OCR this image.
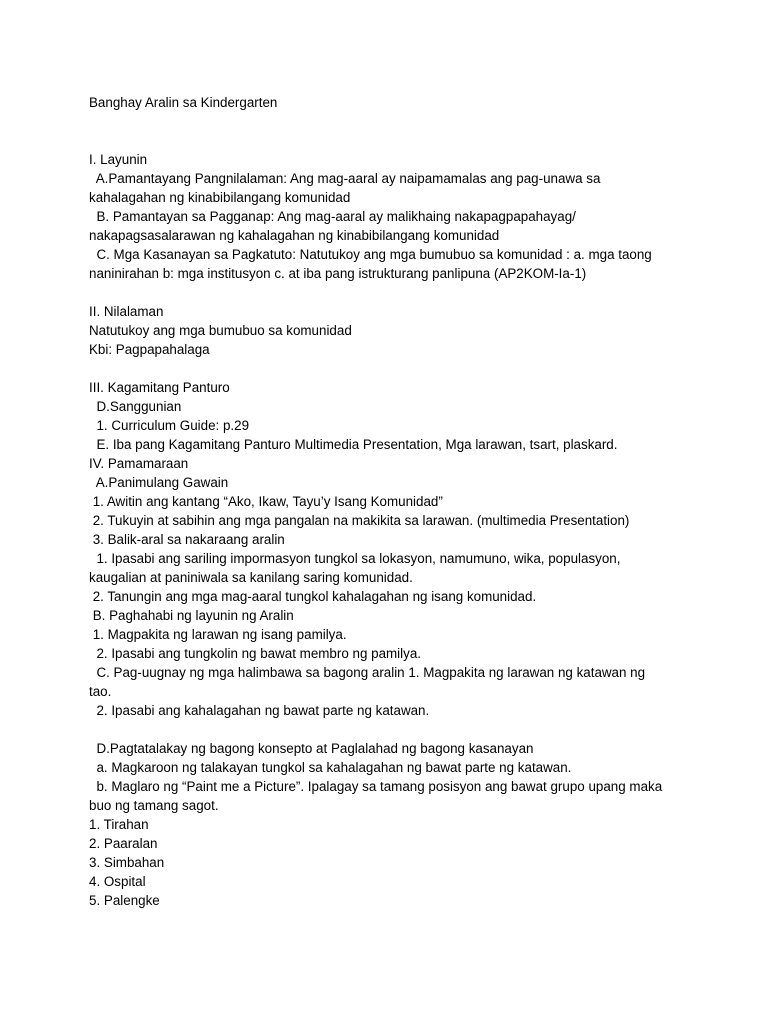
Banghay Aralin sa Kindergarten
I. Layunin
A.Pamantayang Pangnilalaman: Ang mag-aaral ay naipamamalas ang pag-unawa sa
kahalagahan ng kinabibilangang komunidad
B. Pamantayan sa Pagganap: Ang mag-aaral ay malikhaing nakapagpapahayag/
nakapagsasalarawan ng kahalagahan ng kinabibilangang komunidad
C. Mga Kasanayan sa Pagkatuto: Natutukoy ang mga bumubuo sa komunidad : a. mga taong
naninirahan b: mga institusyon c. at iba pang istrukturang panlipuna (AP2KOM-Ia-1)
II. Nilalaman
Natutukoy ang mga bumubuo sa komunidad
Kbi: Pagpapahalaga
III. Kagamitang Panturo
D.Sanggunian
1. Curriculum Guide: p.29
E. Iba pang Kagamitang Panturo Multimedia Presentation, Mga larawan, tsart, plaskard.
IV. Pamamaraan
A.Panimulang Gawain
1. Awitin ang kantang “Ako, Ikaw, Tayu’y Isang Komunidad”
2. Tukuyin at sabihin ang mga pangalan na makikita sa larawan. (multimedia Presentation)
3. Balik-aral sa nakaraang aralin
1. Ipasabi ang sariling impormasyon tungkol sa lokasyon, namumuno, wika, populasyon,
kaugalian at paniniwala sa kanilang saring komunidad.
2. Tanungin ang mga mag-aaral tungkol kahalagahan ng isang komunidad.
B. Paghahabi ng layunin ng Aralin
1. Magpakita ng larawan ng isang pamilya.
2. Ipasabi ang tungkolin ng bawat membro ng pamilya.
C. Pag-uugnay ng mga halimbawa sa bagong aralin 1. Magpakita ng larawan ng katawan ng
tao.
2. Ipasabi ang kahalagahan ng bawat parte ng katawan.
D.Pagtatalakay ng bagong konsepto at Paglalahad ng bagong kasanayan
a. Magkaroon ng talakayan tungkol sa kahalagahan ng bawat parte ng katawan.
b. Maglaro ng “Paint me a Picture”. Ipalagay sa tamang posisyon ang bawat grupo upang maka
buo ng tamang sagot.
1. Tirahan
2. Paaralan
3. Simbahan
4. Ospital
5. Palengke
